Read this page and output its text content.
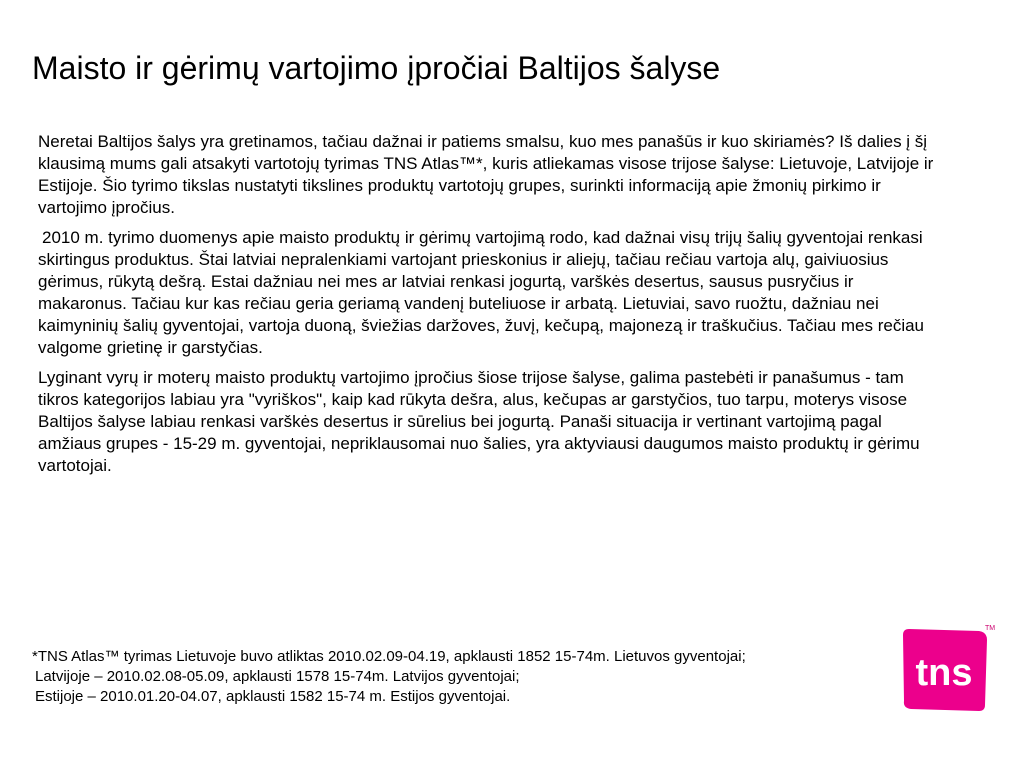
Maisto ir gėrimų vartojimo įpročiai Baltijos šalyse

Neretai Baltijos šalys yra gretinamos, tačiau dažnai ir patiems smalsu, kuo mes panašūs ir kuo skiriamės? Iš dalies į šį klausimą mums gali atsakyti vartotojų tyrimas TNS Atlas™*, kuris atliekamas visose trijose šalyse: Lietuvoje, Latvijoje ir Estijoje. Šio tyrimo tikslas nustatyti tikslines produktų vartotojų grupes, surinkti informaciją apie žmonių pirkimo ir vartojimo įpročius.

2010 m. tyrimo duomenys apie maisto produktų ir gėrimų vartojimą rodo, kad dažnai visų trijų šalių gyventojai renkasi skirtingus produktus. Štai latviai nepralenkiami vartojant prieskonius ir aliejų, tačiau rečiau vartoja alų, gaiviuosius gėrimus, rūkytą dešrą. Estai dažniau nei mes ar latviai renkasi jogurtą, varškės desertus, sausus pusryčius ir makaronus. Tačiau kur kas rečiau geria geriamą vandenį buteliuose ir arbatą. Lietuviai, savo ruožtu, dažniau nei kaimyninių šalių gyventojai, vartoja duoną, šviežias daržoves, žuvį, kečupą, majonezą ir traškučius. Tačiau mes rečiau valgome grietinę ir garstyčias.

Lyginant vyrų ir moterų maisto produktų vartojimo įpročius šiose trijose šalyse, galima pastebėti ir panašumus - tam tikros kategorijos labiau yra "vyriškos", kaip kad rūkyta dešra, alus, kečupas ar garstyčios, tuo tarpu, moterys visose Baltijos šalyse labiau renkasi varškės desertus ir sūrelius bei jogurtą. Panaši situacija ir vertinant vartojimą pagal amžiaus grupes - 15-29 m. gyventojai, nepriklausomai nuo šalies, yra aktyviausi daugumos maisto produktų ir gėrimu vartotojai.

*TNS Atlas™ tyrimas Lietuvoje buvo atliktas 2010.02.09-04.19, apklausti 1852 15-74m. Lietuvos gyventojai;
Latvijoje – 2010.02.08-05.09, apklausti 1578 15-74m. Latvijos gyventojai;
Estijoje – 2010.01.20-04.07, apklausti 1582 15-74 m. Estijos gyventojai.
tns
TM
